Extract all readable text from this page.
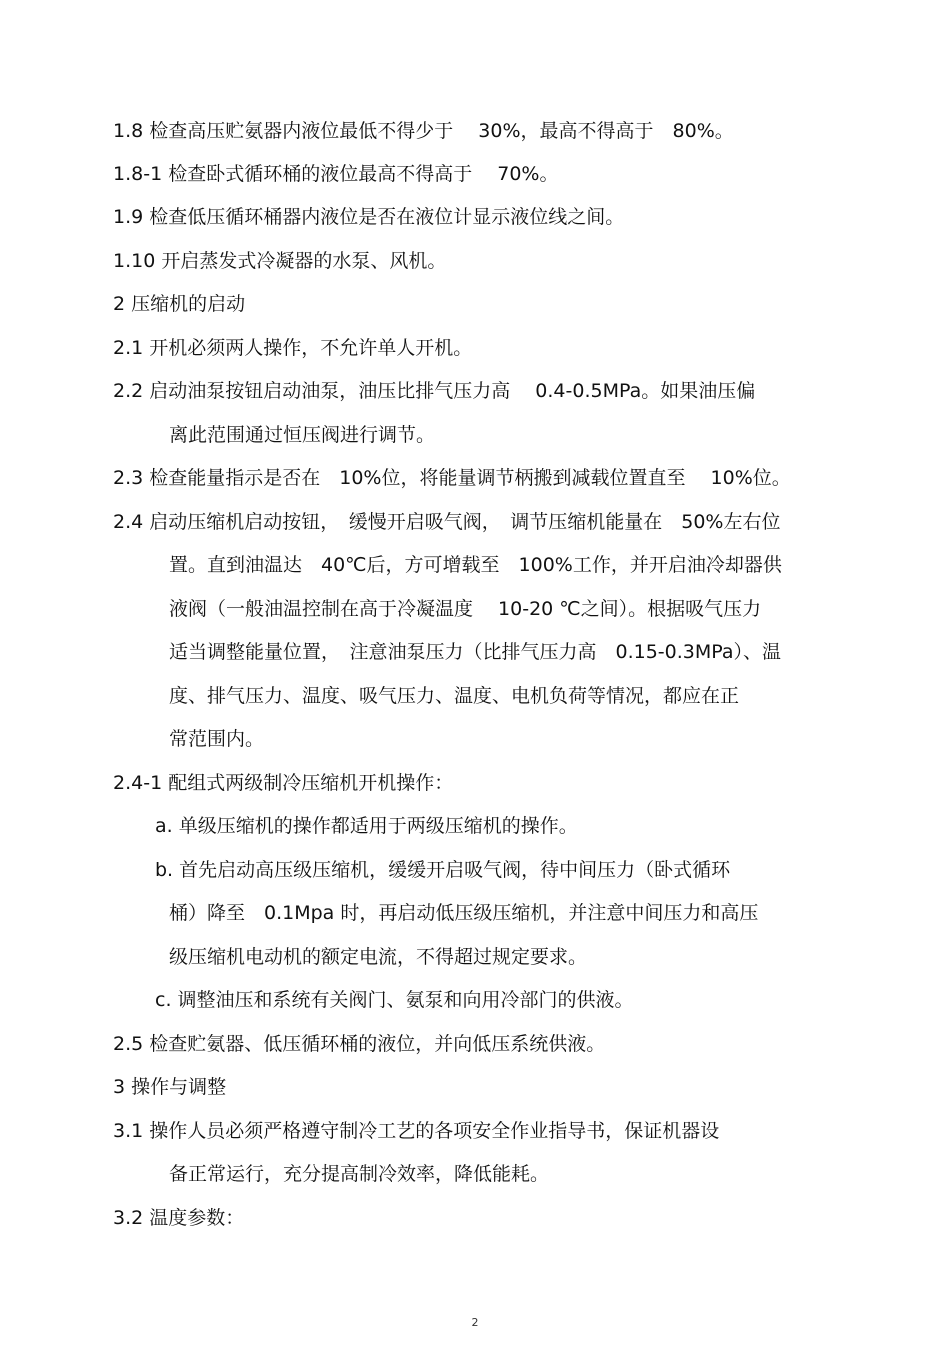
1.8 检查高压贮氨器内液位最低不得少于　 30%，最高不得高于　80%。
1.8-1 检查卧式循环桶的液位最高不得高于　 70%。
1.9 检查低压循环桶器内液位是否在液位计显示液位线之间。
1.10 开启蒸发式冷凝器的水泵、风机。
2 压缩机的启动
2.1 开机必须两人操作，不允许单人开机。
2.2 启动油泵按钮启动油泵，油压比排气压力高　 0.4-0.5MPa。如果油压偏
离此范围通过恒压阀进行调节。
2.3 检查能量指示是否在　10%位，将能量调节柄搬到减载位置直至　 10%位。
2.4 启动压缩机启动按钮，　缓慢开启吸气阀，　调节压缩机能量在　50%左右位
置。直到油温达　40℃后，方可增载至　100%工作，并开启油冷却器供
液阀（一般油温控制在高于冷凝温度　 10-20 ℃之间）。根据吸气压力
适当调整能量位置，　注意油泵压力（比排气压力高　0.15-0.3MPa）、温
度、排气压力、温度、吸气压力、温度、电机负荷等情况，都应在正
常范围内。
2.4-1 配组式两级制冷压缩机开机操作：
a. 单级压缩机的操作都适用于两级压缩机的操作。
b. 首先启动高压级压缩机，缓缓开启吸气阀，待中间压力（卧式循环
桶）降至　0.1Mpa 时，再启动低压级压缩机，并注意中间压力和高压
级压缩机电动机的额定电流，不得超过规定要求。
c. 调整油压和系统有关阀门、氨泵和向用冷部门的供液。
2.5 检查贮氨器、低压循环桶的液位，并向低压系统供液。
3 操作与调整
3.1 操作人员必须严格遵守制冷工艺的各项安全作业指导书，保证机器设
备正常运行，充分提高制冷效率，降低能耗。
3.2 温度参数：
2
